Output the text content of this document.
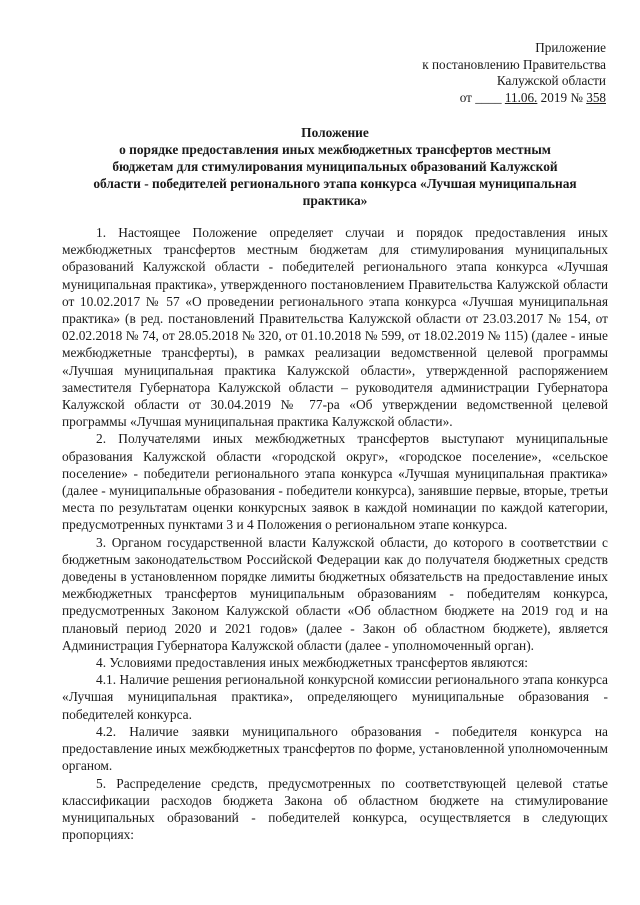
Приложение
к постановлению Правительства
Калужской области
от ____ 11.06. 2019 № 358
Положение
о порядке предоставления иных межбюджетных трансфертов местным
бюджетам для стимулирования муниципальных образований Калужской
области - победителей регионального этапа конкурса «Лучшая муниципальная
практика»

1. Настоящее Положение определяет случаи и порядок предоставления иных межбюджетных трансфертов местным бюджетам для стимулирования муниципальных образований Калужской области - победителей регионального этапа конкурса «Лучшая муниципальная практика», утвержденного постановлением Правительства Калужской области от 10.02.2017 № 57 «О проведении регионального этапа конкурса «Лучшая муниципальная практика» (в ред. постановлений Правительства Калужской области от 23.03.2017 № 154, от 02.02.2018 № 74, от 28.05.2018 № 320, от 01.10.2018 № 599, от 18.02.2019 № 115) (далее - иные межбюджетные трансферты), в рамках реализации ведомственной целевой программы «Лучшая муниципальная практика Калужской области», утвержденной распоряжением заместителя Губернатора Калужской области – руководителя администрации Губернатора Калужской области от 30.04.2019 № 77-ра «Об утверждении ведомственной целевой программы «Лучшая муниципальная практика Калужской области».

2. Получателями иных межбюджетных трансфертов выступают муниципальные образования Калужской области «городской округ», «городское поселение», «сельское поселение» - победители регионального этапа конкурса «Лучшая муниципальная практика» (далее - муниципальные образования - победители конкурса), занявшие первые, вторые, третьи места по результатам оценки конкурсных заявок в каждой номинации по каждой категории, предусмотренных пунктами 3 и 4 Положения о региональном этапе конкурса.

3. Органом государственной власти Калужской области, до которого в соответствии с бюджетным законодательством Российской Федерации как до получателя бюджетных средств доведены в установленном порядке лимиты бюджетных обязательств на предоставление иных межбюджетных трансфертов муниципальным образованиям - победителям конкурса, предусмотренных Законом Калужской области «Об областном бюджете на 2019 год и на плановый период 2020 и 2021 годов» (далее - Закон об областном бюджете), является Администрация Губернатора Калужской области (далее - уполномоченный орган).

4. Условиями предоставления иных межбюджетных трансфертов являются:

4.1. Наличие решения региональной конкурсной комиссии регионального этапа конкурса «Лучшая муниципальная практика», определяющего муниципальные образования - победителей конкурса.

4.2. Наличие заявки муниципального образования - победителя конкурса на предоставление иных межбюджетных трансфертов по форме, установленной уполномоченным органом.

5. Распределение средств, предусмотренных по соответствующей целевой статье классификации расходов бюджета Закона об областном бюджете на стимулирование муниципальных образований - победителей конкурса, осуществляется в следующих пропорциях:
